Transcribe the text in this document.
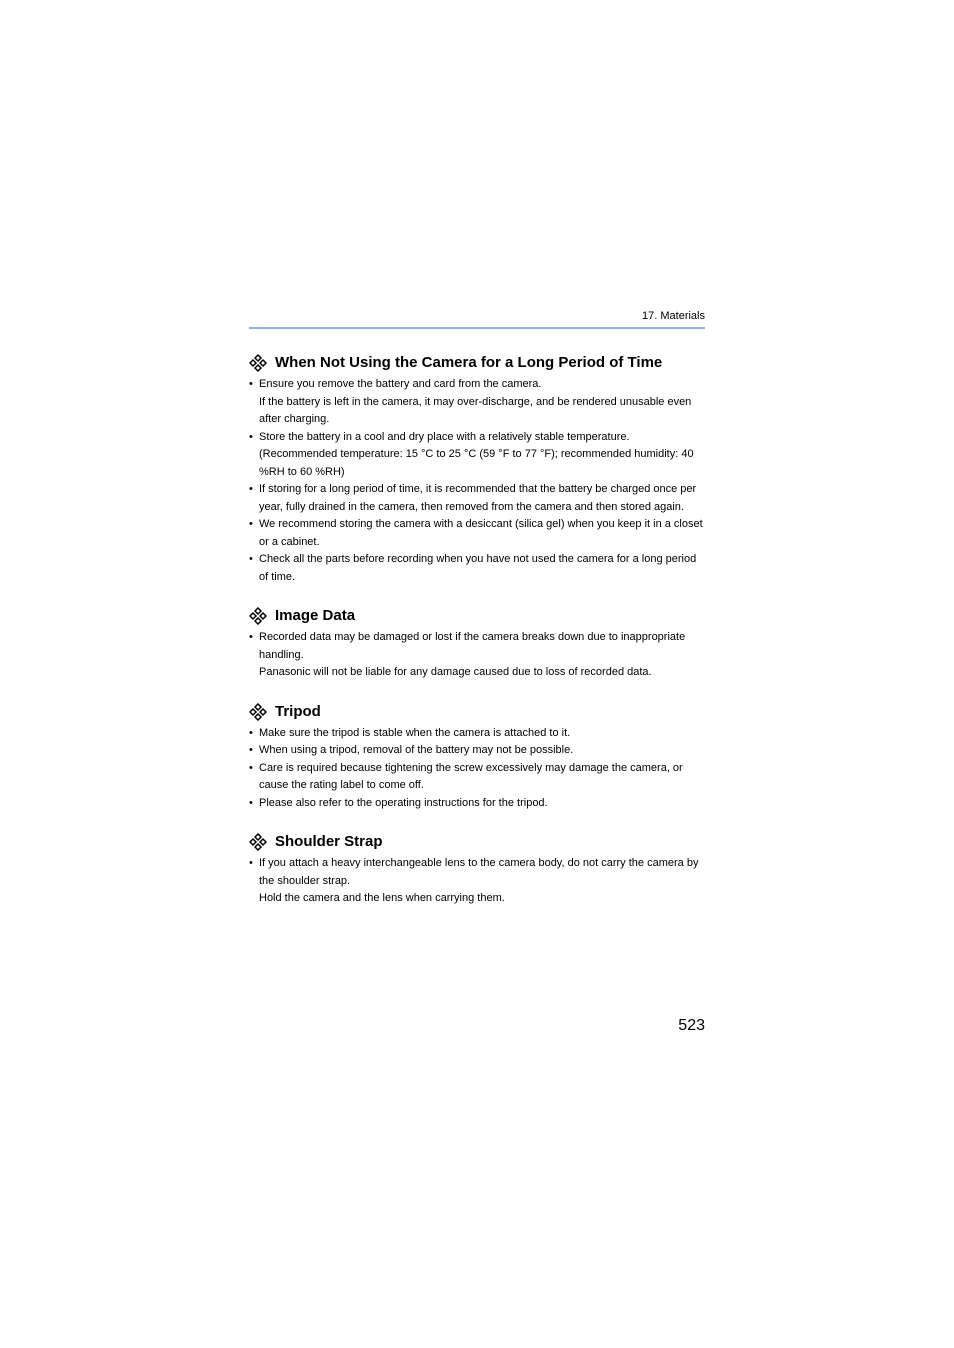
17. Materials
When Not Using the Camera for a Long Period of Time
• Ensure you remove the battery and card from the camera.

If the battery is left in the camera, it may over-discharge, and be rendered unusable even after charging.

• Store the battery in a cool and dry place with a relatively stable temperature.
(Recommended temperature: 15 °C to 25 °C (59 °F to 77 °F); recommended humidity: 40 %RH to 60 %RH)

• If storing for a long period of time, it is recommended that the battery be charged once per year, fully drained in the camera, then removed from the camera and then stored again.

• We recommend storing the camera with a desiccant (silica gel) when you keep it in a closet or a cabinet.

• Check all the parts before recording when you have not used the camera for a long period of time.

Image Data
• Recorded data may be damaged or lost if the camera breaks down due to inappropriate handling.

Panasonic will not be liable for any damage caused due to loss of recorded data.

Tripod
• Make sure the tripod is stable when the camera is attached to it.

• When using a tripod, removal of the battery may not be possible.

• Care is required because tightening the screw excessively may damage the camera, or cause the rating label to come off.

• Please also refer to the operating instructions for the tripod.

Shoulder Strap
• If you attach a heavy interchangeable lens to the camera body, do not carry the camera by the shoulder strap.

Hold the camera and the lens when carrying them.

523
